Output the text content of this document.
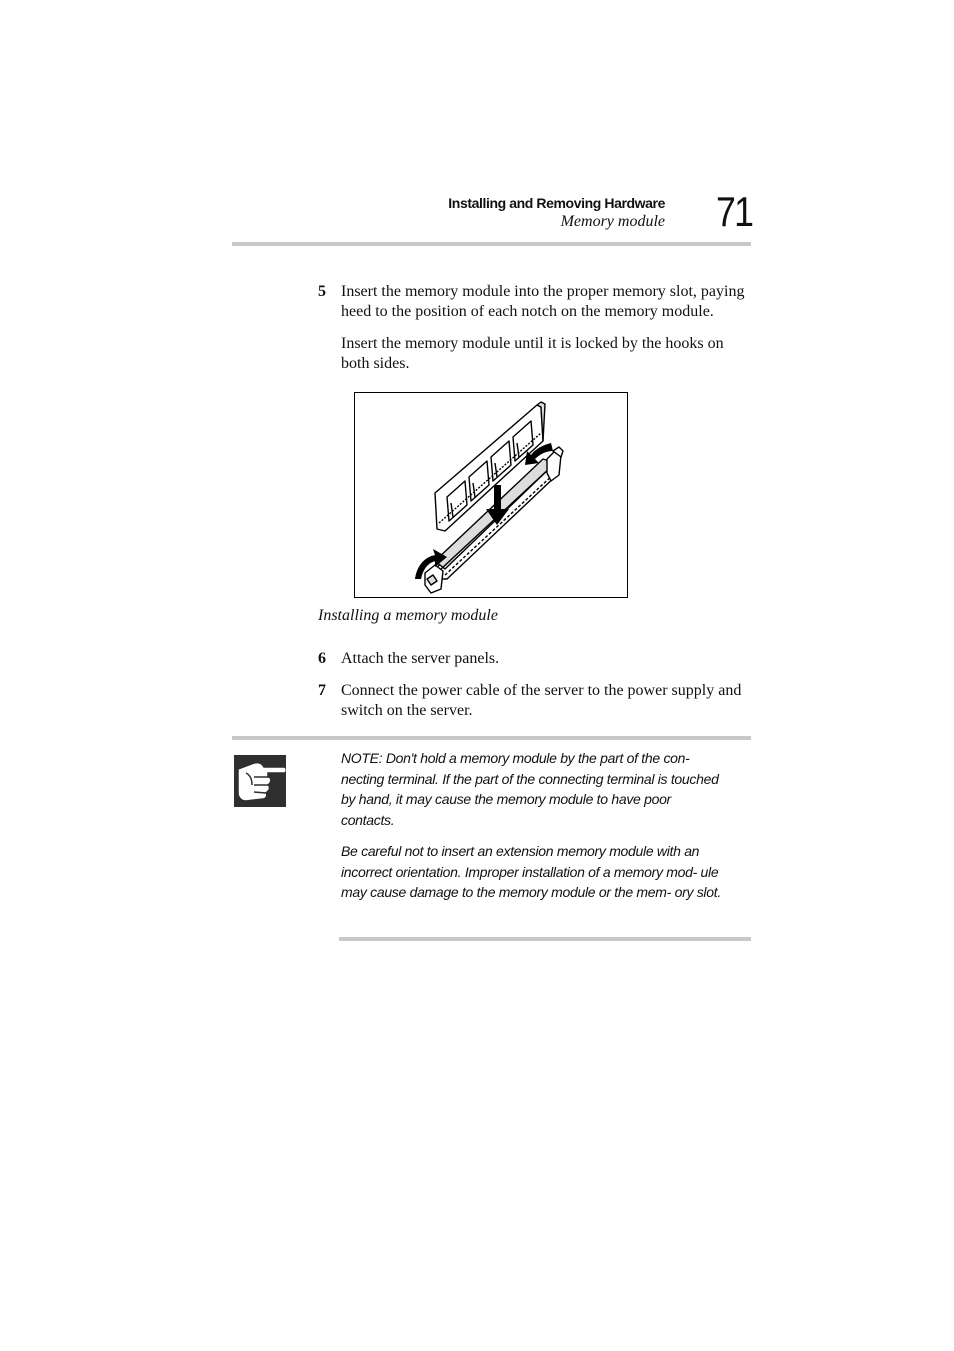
Installing and Removing Hardware
Memory module 71
5 Insert the memory module into the proper memory slot, paying heed to the position of each notch on the memory module.
Insert the memory module until it is locked by the hooks on both sides.
Installing a memory module
6 Attach the server panels.
7 Connect the power cable of the server to the power supply and switch on the server.

NOTE: Don't hold a memory module by the part of the con- necting terminal. If the part of the connecting terminal is touched by hand, it may cause the memory module to have poor contacts.

Be careful not to insert an extension memory module with an incorrect orientation. Improper installation of a memory mod- ule may cause damage to the memory module or the mem- ory slot.
